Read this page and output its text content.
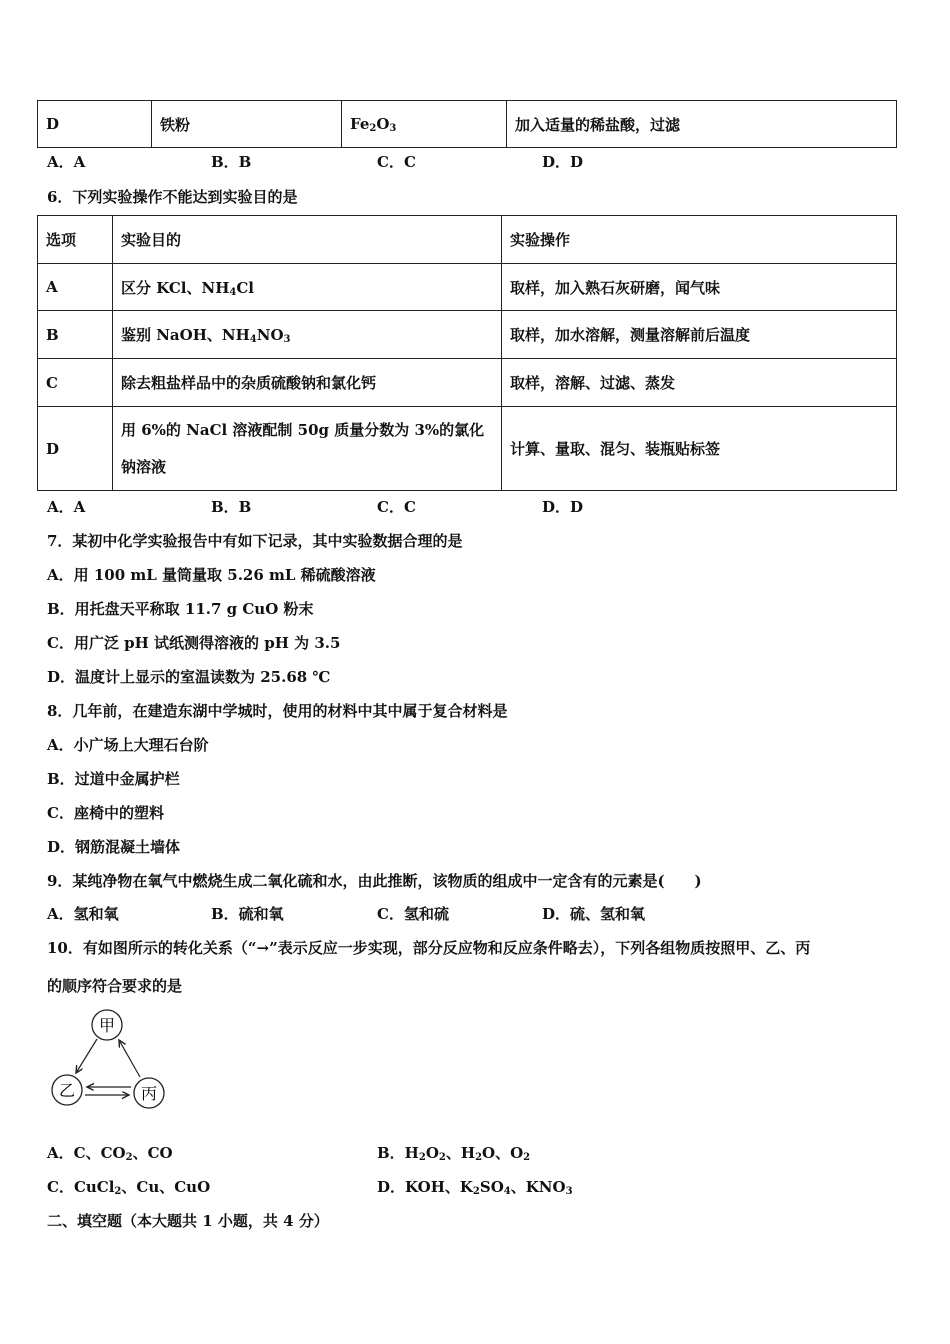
D	铁粉	$Fe_2O_3$	加入适量的稀盐酸，过滤
A．A	B．B	C．C	D．D
6．下列实验操作不能达到实验目的是
选项	实验目的	实验操作
A	区分 KCl、$NH_4Cl$	取样，加入熟石灰研磨，闻气味
B	鉴别 NaOH、$NH_4NO_3$	取样，加水溶解，测量溶解前后温度
C	除去粗盐样品中的杂质硫酸钠和氯化钙	取样，溶解、过滤、蒸发
D	用 6%的 NaCl 溶液配制 50g 质量分数为 3%的氯化
钠溶液	计算、量取、混匀、装瓶贴标签
A．A	B．B	C．C	D．D
7．某初中化学实验报告中有如下记录，其中实验数据合理的是
A．用 100 mL 量筒量取 5.26 mL 稀硫酸溶液
B．用托盘天平称取 11.7 g CuO 粉末
C．用广泛 pH 试纸测得溶液的 pH 为 3.5
D．温度计上显示的室温读数为 25.68 ℃
8．几年前，在建造东湖中学城时，使用的材料中其中属于复合材料是
A．小广场上大理石台阶
B．过道中金属护栏
C．座椅中的塑料
D．钢筋混凝土墙体
9．某纯净物在氧气中燃烧生成二氧化硫和水，由此推断，该物质的组成中一定含有的元素是(　　)
A．氢和氧	B．硫和氧	C．氢和硫	D．硫、氢和氧
10．有如图所示的转化关系（“→”表示反应一步实现，部分反应物和反应条件略去），下列各组物质按照甲、乙、丙
的顺序符合要求的是
甲
乙	丙
A．C、$CO_2$、CO	B．$H_2O_2$、$H_2O$、$O_2$
C．CuCl$_2$、Cu、CuO	D．KOH、$K_2SO_4$、$KNO_3$
二、填空题（本大题共 1 小题，共 4 分）
